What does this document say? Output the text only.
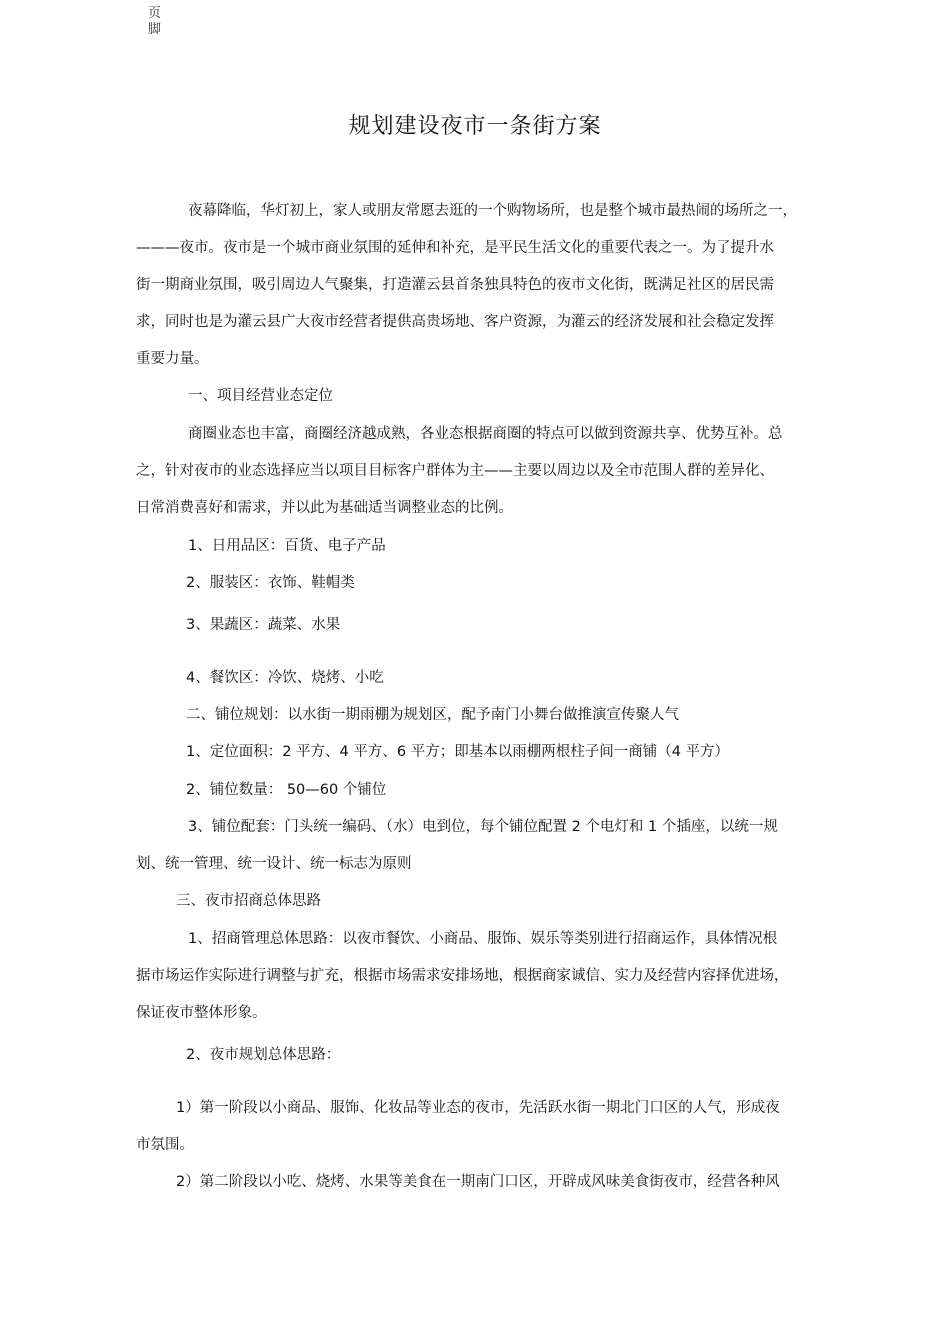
页脚
规划建设夜市一条街方案
夜幕降临，华灯初上，家人或朋友常愿去逛的一个购物场所，也是整个城市最热闹的场所之一，
———夜市。夜市是一个城市商业氛围的延伸和补充，是平民生活文化的重要代表之一。为了提升水
街一期商业氛围，吸引周边人气聚集，打造灌云县首条独具特色的夜市文化街，既满足社区的居民需
求，同时也是为灌云县广大夜市经营者提供高贵场地、客户资源，为灌云的经济发展和社会稳定发挥
重要力量。
一、项目经营业态定位
商圈业态也丰富，商圈经济越成熟，各业态根据商圈的特点可以做到资源共享、优势互补。总
之，针对夜市的业态选择应当以项目目标客户群体为主——主要以周边以及全市范围人群的差异化、
日常消费喜好和需求，并以此为基础适当调整业态的比例。
1、日用品区：百货、电子产品
2、服装区：衣饰、鞋帽类
3、果蔬区：蔬菜、水果
4、餐饮区：冷饮、烧烤、小吃
二、铺位规划：以水街一期雨棚为规划区，配予南门小舞台做推演宣传聚人气
1、定位面积：2 平方、4 平方、6 平方；即基本以雨棚两根柱子间一商铺（4 平方）
2、铺位数量： 50—60 个铺位
3、铺位配套：门头统一编码、（水）电到位，每个铺位配置 2 个电灯和 1 个插座，以统一规
划、统一管理、统一设计、统一标志为原则
三、夜市招商总体思路
1、招商管理总体思路：以夜市餐饮、小商品、服饰、娱乐等类别进行招商运作，具体情况根
据市场运作实际进行调整与扩充，根据市场需求安排场地，根据商家诚信、实力及经营内容择优进场，
保证夜市整体形象。
2、夜市规划总体思路：
1）第一阶段以小商品、服饰、化妆品等业态的夜市，先活跃水街一期北门口区的人气，形成夜
市氛围。
2）第二阶段以小吃、烧烤、水果等美食在一期南门口区，开辟成风味美食街夜市，经营各种风
